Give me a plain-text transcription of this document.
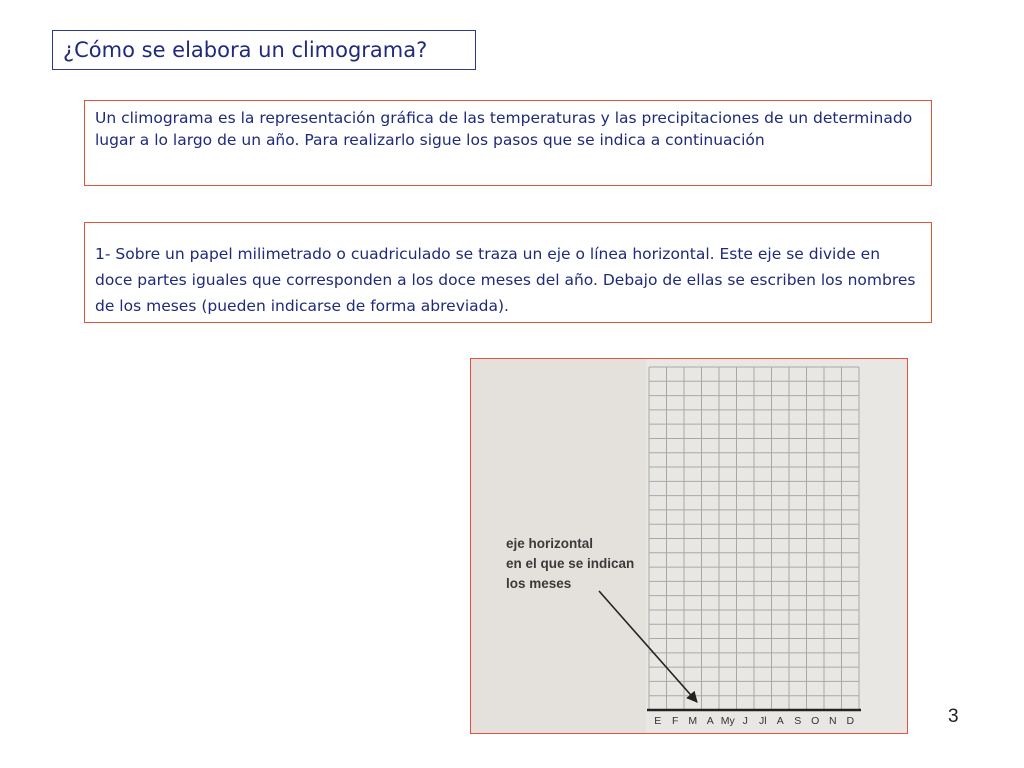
¿Cómo se elabora un climograma?
Un climograma es la representación gráfica de las temperaturas y las precipitaciones de un determinado lugar a lo largo de un año. Para realizarlo sigue los pasos que se indica a continuación
1- Sobre un papel milimetrado o cuadriculado se traza un eje o línea horizontal. Este eje se divide en doce partes iguales que corresponden a los doce meses del año. Debajo de ellas se escriben los nombres de los meses (pueden indicarse de forma abreviada).
E F M A My J Jl A S O N D
eje horizontal
en el que se indican
los meses
3
